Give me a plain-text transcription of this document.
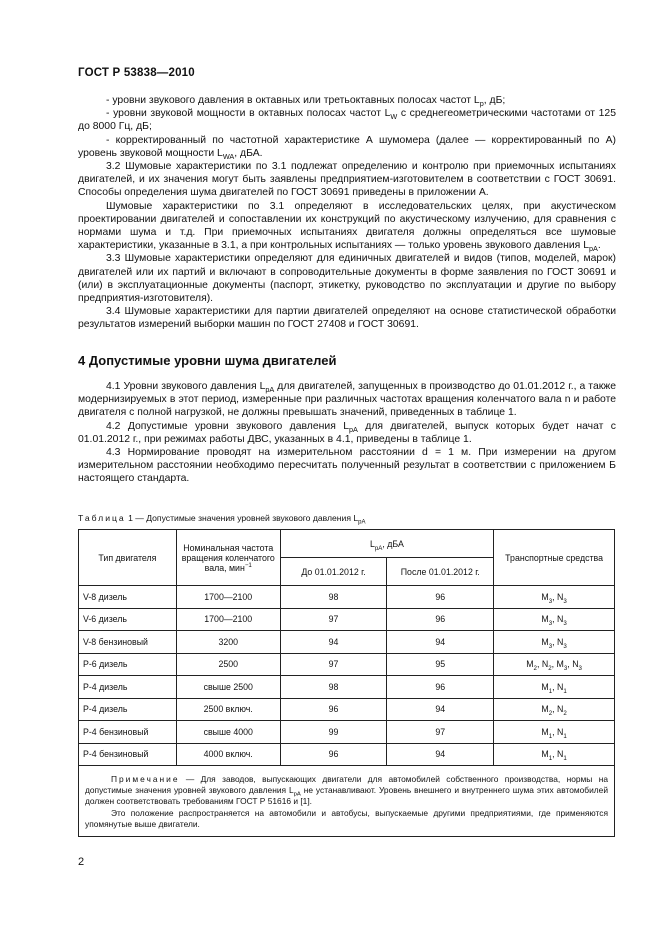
ГОСТ Р 53838—2010

- уровни звукового давления в октавных или третьоктавных полосах частот $L_p$, дБ;

- уровни звуковой мощности в октавных полосах частот $L_W$ с среднегеометрическими частотами от 125 до 8000 Гц, дБ;

- корректированный по частотной характеристике А шумомера (далее — корректированный по А) уровень звуковой мощности $L_{WA}$, дБА.

3.2 Шумовые характеристики по 3.1 подлежат определению и контролю при приемочных испытаниях двигателей, и их значения могут быть заявлены предприятием-изготовителем в соответствии с ГОСТ 30691. Способы определения шума двигателей по ГОСТ 30691 приведены в приложении А.

Шумовые характеристики по 3.1 определяют в исследовательских целях, при акустическом проектировании двигателей и сопоставлении их конструкций по акустическому излучению, для сравнения с нормами шума и т.д. При приемочных испытаниях двигателя должны определяться все шумовые характеристики, указанные в 3.1, а при контрольных испытаниях — только уровень звукового давления $L_{pA}$.

3.3 Шумовые характеристики определяют для единичных двигателей и видов (типов, моделей, марок) двигателей или их партий и включают в сопроводительные документы в форме заявления по ГОСТ 30691 и (или) в эксплуатационные документы (паспорт, этикетку, руководство по эксплуатации и другие по выбору предприятия-изготовителя).

3.4 Шумовые характеристики для партии двигателей определяют на основе статистической обработки результатов измерений выборки машин по ГОСТ 27408 и ГОСТ 30691.

4 Допустимые уровни шума двигателей

4.1 Уровни звукового давления $L_{pA}$ для двигателей, запущенных в производство до 01.01.2012 г., а также модернизируемых в этот период, измеренные при различных частотах вращения коленчатого вала n и работе двигателя с полной нагрузкой, не должны превышать значений, приведенных в таблице 1.

4.2 Допустимые уровни звукового давления $L_{pA}$ для двигателей, выпуск которых будет начат с 01.01.2012 г., при режимах работы ДВС, указанных в 4.1, приведены в таблице 1.

4.3 Нормирование проводят на измерительном расстоянии d = 1 м. При измерении на другом измерительном расстоянии необходимо пересчитать полученный результат в соответствии с приложением Б настоящего стандарта.

Таблица 1 — Допустимые значения уровней звукового давления $L_{pA}$
Тип двигателя	Номинальная частота вращения коленчатого вала, мин$^{-1}$	$L_{pA}$, дБА		Транспортные средства
		До 01.01.2012 г.	После 01.01.2012 г.	
V-8 дизель	1700—2100	98	96	$M_3$, $N_3$
V-6 дизель	1700—2100	97	96	$M_3$, $N_3$
V-8 бензиновый	3200	94	94	$M_3$, $N_3$
Р-6 дизель	2500	97	95	$M_2$, $N_2$, $M_3$, $N_3$
Р-4 дизель	свыше 2500	98	96	$M_1$, $N_1$
Р-4 дизель	2500 включ.	96	94	$M_2$, $N_2$
Р-4 бензиновый	свыше 4000	99	97	$M_1$, $N_1$
Р-4 бензиновый	4000 включ.	96	94	$M_1$, $N_1$

Примечание — Для заводов, выпускающих двигатели для автомобилей собственного производства, нормы на допустимые значения уровней звукового давления $L_{pA}$ не устанавливают. Уровень внешнего и внутреннего шума этих автомобилей должен соответствовать требованиям ГОСТ Р 51616 и [1].

Это положение распространяется на автомобили и автобусы, выпускаемые другими предприятиями, где применяются упомянутые выше двигатели.				

2
